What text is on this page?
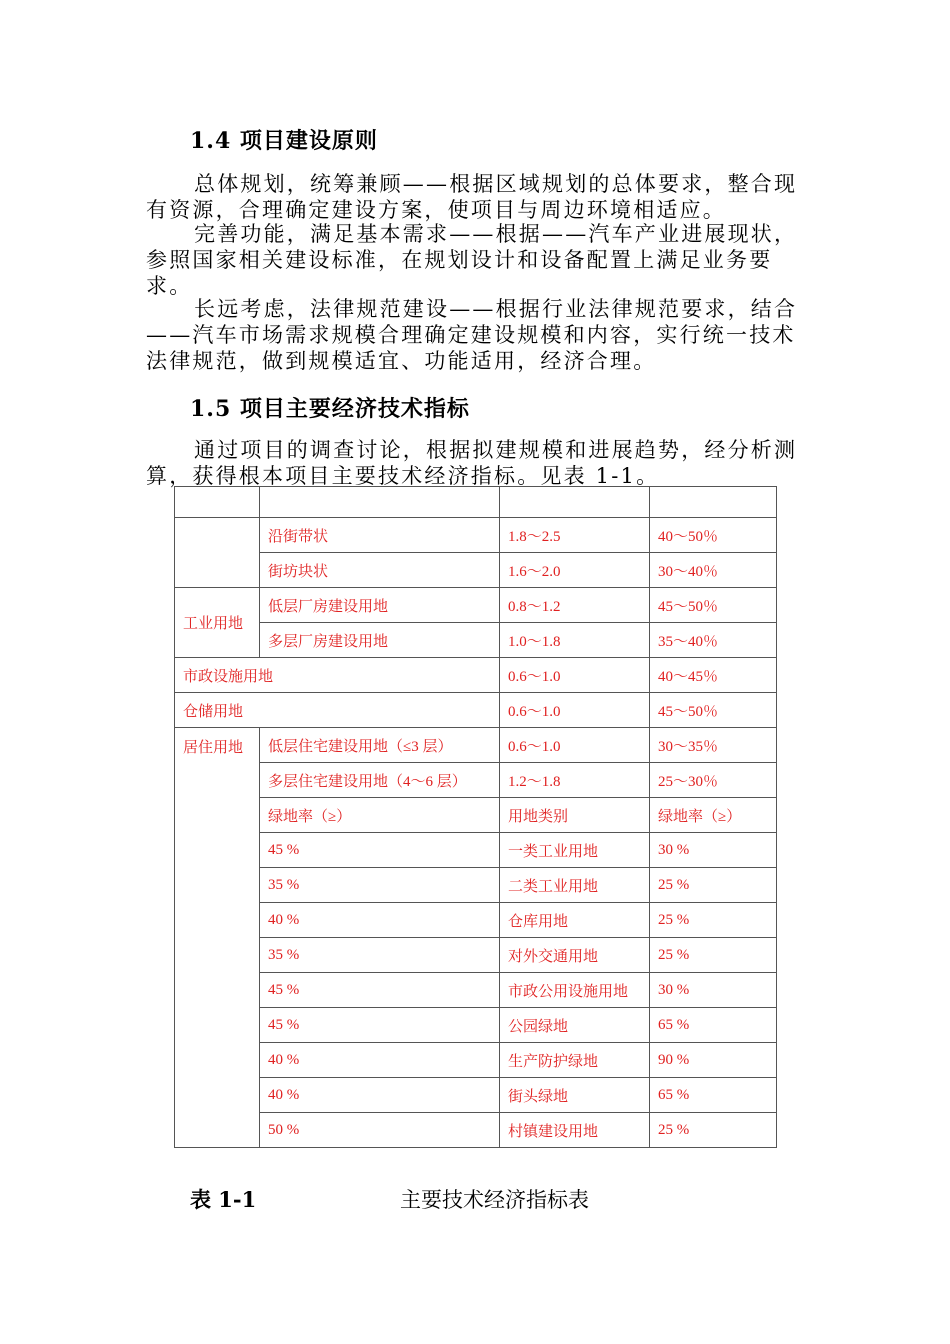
1.4 项目建设原则

总体规划，统筹兼顾——根据区域规划的总体要求，整合现有资源，合理确定建设方案，使项目与周边环境相适应。

完善功能，满足基本需求——根据——汽车产业进展现状，参照国家相关建设标准，在规划设计和设备配置上满足业务要求。

长远考虑，法律规范建设——根据行业法律规范要求，结合——汽车市场需求规模合理确定建设规模和内容，实行统一技术法律规范，做到规模适宜、功能适用，经济合理。

1.5 项目主要经济技术指标

通过项目的调查讨论，根据拟建规模和进展趋势，经分析测算，获得根本项目主要技术经济指标。见表 1-1。

	沿街带状	1.8～2.5	40～50％
	街坊块状	1.6～2.0	30～40％
工业用地	低层厂房建设用地	0.8～1.2	45～50％
	多层厂房建设用地	1.0～1.8	35～40％
市政设施用地		0.6～1.0	40～45％
仓储用地		0.6～1.0	45～50％
居住用地	低层住宅建设用地（≤3 层）	0.6～1.0	30～35％
	多层住宅建设用地（4～6 层）	1.2～1.8	25～30％
	绿地率（≥）	用地类别	绿地率（≥）
	45 %	一类工业用地	30 %
	35 %	二类工业用地	25 %
	40 %	仓库用地	25 %
	35 %	对外交通用地	25 %
	45 %	市政公用设施用地	30 %
	45 %	公园绿地	65 %
	40 %	生产防护绿地	90 %
	40 %	街头绿地	65 %
	50 %	村镇建设用地	25 %
表 1-1	主要技术经济指标表
